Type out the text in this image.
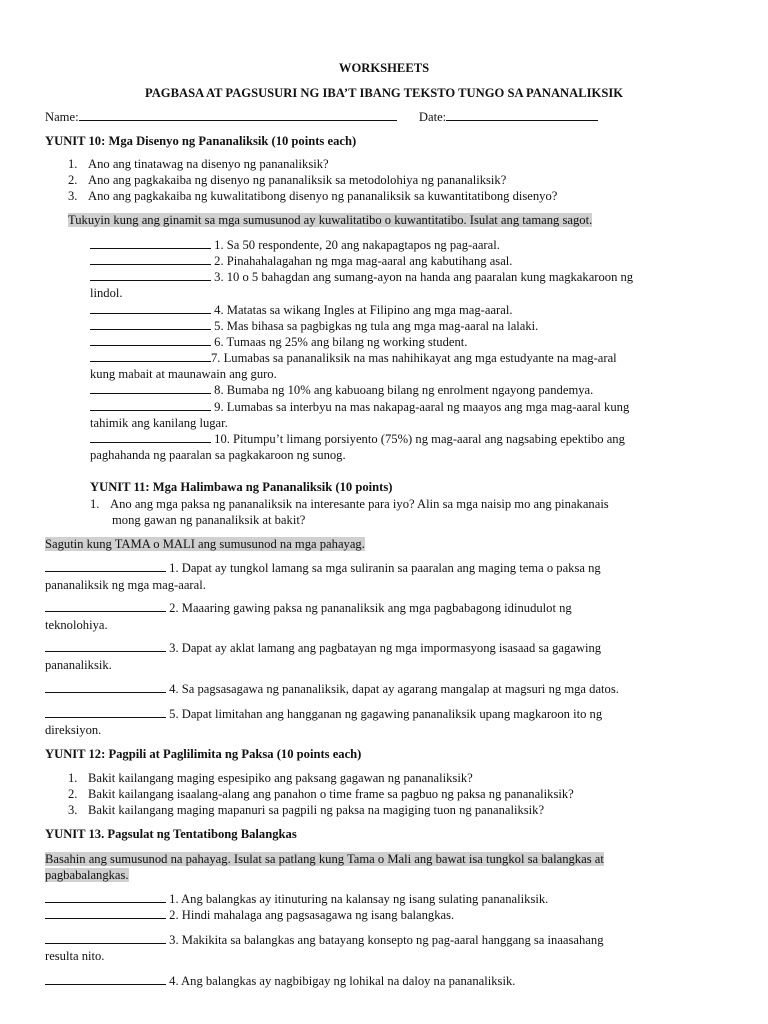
WORKSHEETS
PAGBASA AT PAGSUSURI NG IBA’T IBANG TEKSTO TUNGO SA PANANALIKSIK
Name:	Date:
YUNIT 10: Mga Disenyo ng Pananaliksik (10 points each)
1. Ano ang tinatawag na disenyo ng pananaliksik?
2. Ano ang pagkakaiba ng disenyo ng pananaliksik sa metodolohiya ng pananaliksik?
3. Ano ang pagkakaiba ng kuwalitatibong disenyo ng pananaliksik sa kuwantitatibong disenyo?
Tukuyin kung ang ginamit sa mga sumusunod ay kuwalitatibo o kuwantitatibo. Isulat ang tamang sagot.
1. Sa 50 respondente, 20 ang nakapagtapos ng pag-aaral.
2. Pinahahalagahan ng mga mag-aaral ang kabutihang asal.
3. 10 o 5 bahagdan ang sumang-ayon na handa ang paaralan kung magkakaroon ng
lindol.
4. Matatas sa wikang Ingles at Filipino ang mga mag-aaral.
5. Mas bihasa sa pagbigkas ng tula ang mga mag-aaral na lalaki.
6. Tumaas ng 25% ang bilang ng working student.
7. Lumabas sa pananaliksik na mas nahihikayat ang mga estudyante na mag-aral
kung mabait at maunawain ang guro.
8. Bumaba ng 10% ang kabuoang bilang ng enrolment ngayong pandemya.
9. Lumabas sa interbyu na mas nakapag-aaral ng maayos ang mga mag-aaral kung
tahimik ang kanilang lugar.
10. Pitumpu’t limang porsiyento (75%) ng mag-aaral ang nagsabing epektibo ang
paghahanda ng paaralan sa pagkakaroon ng sunog.
YUNIT 11: Mga Halimbawa ng Pananaliksik (10 points)
1. Ano ang mga paksa ng pananaliksik na interesante para iyo? Alin sa mga naisip mo ang pinakanais
mong gawan ng pananaliksik at bakit?
Sagutin kung TAMA o MALI ang sumusunod na mga pahayag.
1. Dapat ay tungkol lamang sa mga suliranin sa paaralan ang maging tema o paksa ng
pananaliksik ng mga mag-aaral.
2. Maaaring gawing paksa ng pananaliksik ang mga pagbabagong idinudulot ng
teknolohiya.
3. Dapat ay aklat lamang ang pagbatayan ng mga impormasyong isasaad sa gagawing
pananaliksik.
4. Sa pagsasagawa ng pananaliksik, dapat ay agarang mangalap at magsuri ng mga datos.
5. Dapat limitahan ang hangganan ng gagawing pananaliksik upang magkaroon ito ng
direksiyon.
YUNIT 12: Pagpili at Paglilimita ng Paksa (10 points each)
1. Bakit kailangang maging espesipiko ang paksang gagawan ng pananaliksik?
2. Bakit kailangang isaalang-alang ang panahon o time frame sa pagbuo ng paksa ng pananaliksik?
3. Bakit kailangang maging mapanuri sa pagpili ng paksa na magiging tuon ng pananaliksik?
YUNIT 13. Pagsulat ng Tentatibong Balangkas
Basahin ang sumusunod na pahayag. Isulat sa patlang kung Tama o Mali ang bawat isa tungkol sa balangkas at
pagbabalangkas.
1. Ang balangkas ay itinuturing na kalansay ng isang sulating pananaliksik.
2. Hindi mahalaga ang pagsasagawa ng isang balangkas.
3. Makikita sa balangkas ang batayang konsepto ng pag-aaral hanggang sa inaasahang
resulta nito.
4. Ang balangkas ay nagbibigay ng lohikal na daloy na pananaliksik.
